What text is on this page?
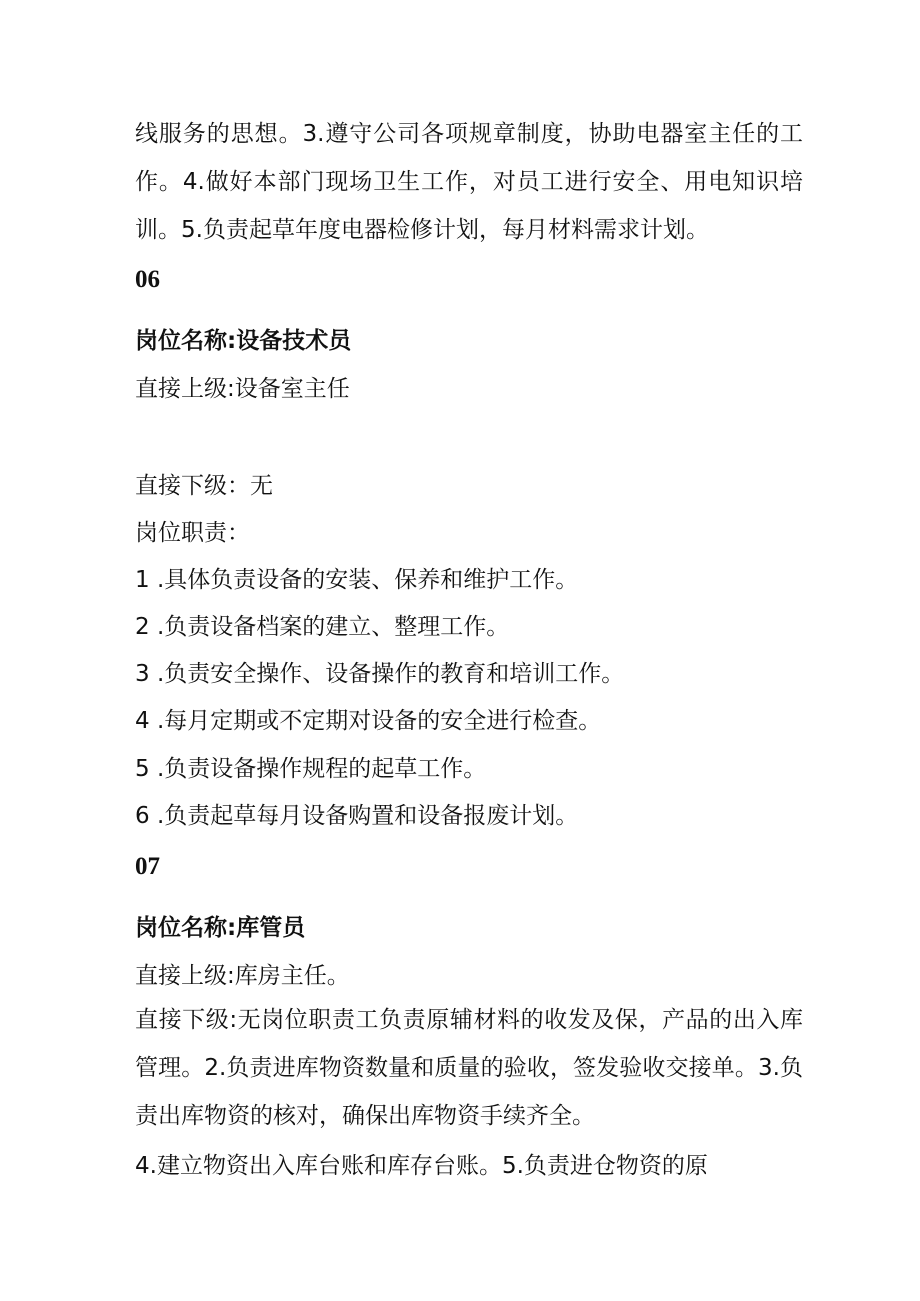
线服务的思想。3.遵守公司各项规章制度，协助电器室主任的工作。4.做好本部门现场卫生工作，对员工进行安全、用电知识培训。5.负责起草年度电器检修计划，每月材料需求计划。
06
岗位名称:设备技术员
直接上级:设备室主任
直接下级：无
岗位职责：
1 .具体负责设备的安装、保养和维护工作。
2 .负责设备档案的建立、整理工作。
3 .负责安全操作、设备操作的教育和培训工作。
4 .每月定期或不定期对设备的安全进行检查。
5 .负责设备操作规程的起草工作。
6 .负责起草每月设备购置和设备报废计划。
07
岗位名称:库管员
直接上级:库房主任。
直接下级:无岗位职责工负责原辅材料的收发及保，产品的出入库管理。2.负责进库物资数量和质量的验收，签发验收交接单。3.负责出库物资的核对，确保出库物资手续齐全。
4.建立物资出入库台账和库存台账。5.负责进仓物资的原
